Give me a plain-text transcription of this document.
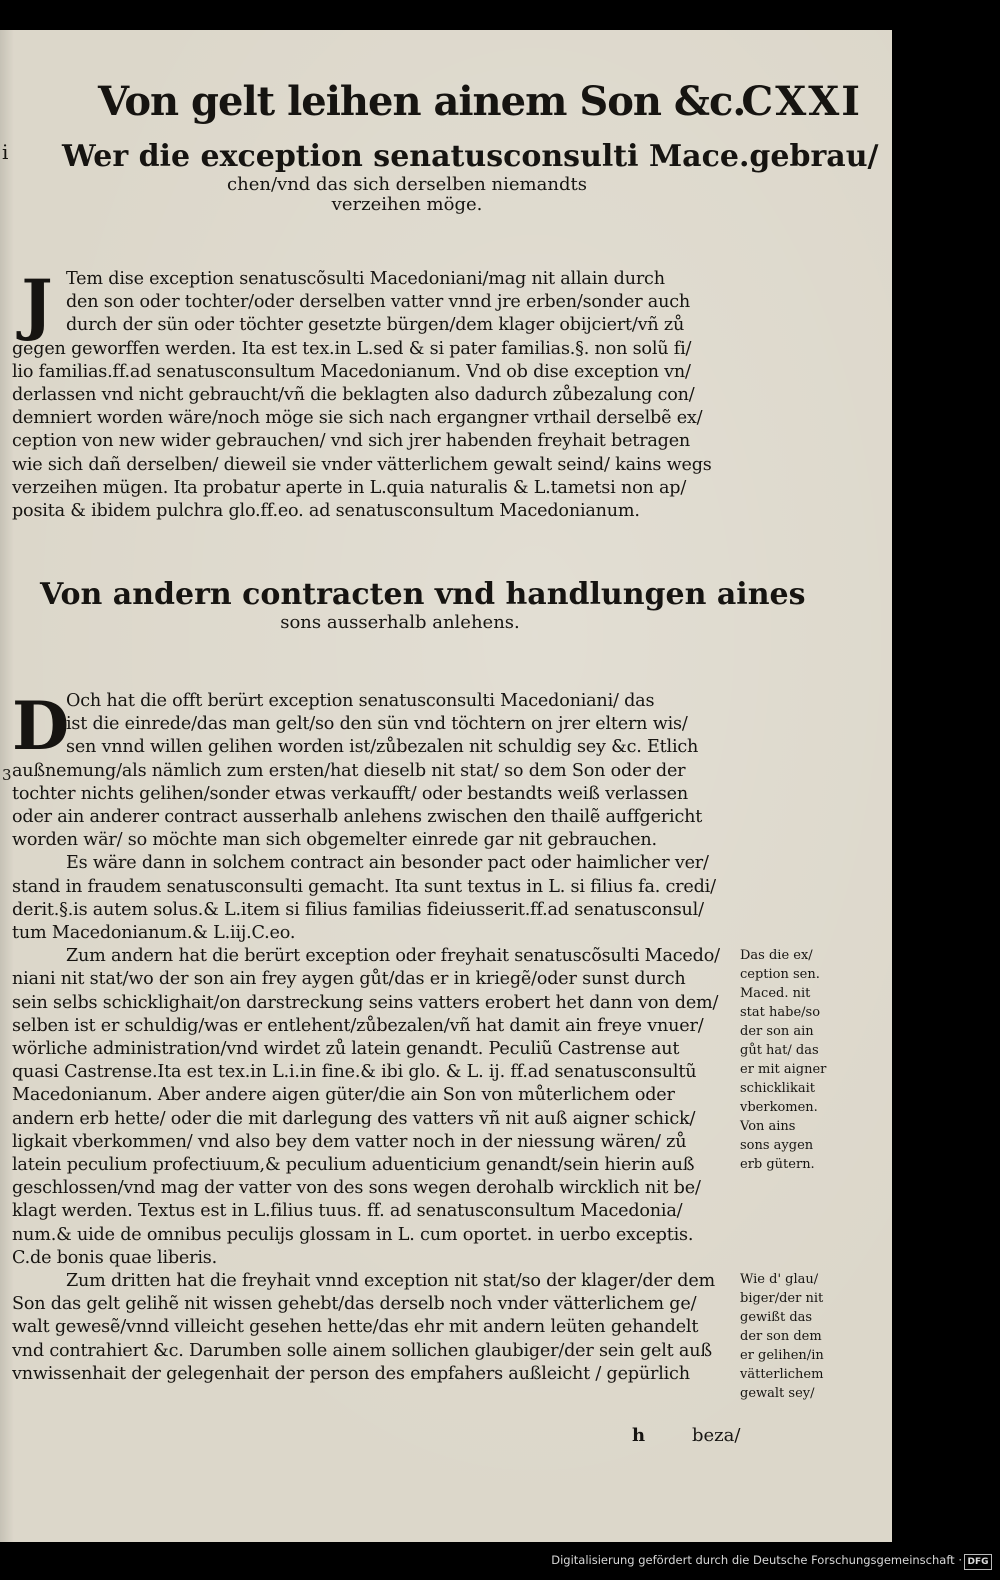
Von gelt leihen ainem Son &c.
CXXI
i Wer die exception senatusconsulti Mace.gebrau/
chen/vnd das sich derselben niemandts
verzeihen möge.
J Tem dise exception senatuscõsulti Macedoniani/mag nit allain durch
den son oder tochter/oder derselben vatter vnnd jre erben/sonder auch
durch der sün oder töchter gesetzte bürgen/dem klager obijciert/vñ zů
gegen geworffen werden. Ita est tex.in L.sed & si pater familias.§. non solũ fi/
lio familias.ff.ad senatusconsultum Macedonianum. Vnd ob dise exception vn/
derlassen vnd nicht gebraucht/vñ die beklagten also dadurch zůbezalung con/
demniert worden wäre/noch möge sie sich nach ergangner vrthail derselbẽ ex/
ception von new wider gebrauchen/ vnd sich jrer habenden freyhait betragen
wie sich dañ derselben/ dieweil sie vnder vätterlichem gewalt seind/ kains wegs
verzeihen mügen. Ita probatur aperte in L.quia naturalis & L.tametsi non ap/
posita & ibidem pulchra glo.ff.eo. ad senatusconsultum Macedonianum.
Von andern contracten vnd handlungen aines
sons ausserhalb anlehens.
3
D
Och hat die offt berürt exception senatusconsulti Macedoniani/ das
ist die einrede/das man gelt/so den sün vnd töchtern on jrer eltern wis/
sen vnnd willen gelihen worden ist/zůbezalen nit schuldig sey &c. Etlich
außnemung/als nämlich zum ersten/hat dieselb nit stat/ so dem Son oder der
tochter nichts gelihen/sonder etwas verkaufft/ oder bestandts weiß verlassen
oder ain anderer contract ausserhalb anlehens zwischen den thailẽ auffgericht
worden wär/ so möchte man sich obgemelter einrede gar nit gebrauchen.
Es wäre dann in solchem contract ain besonder pact oder haimlicher ver/
stand in fraudem senatusconsulti gemacht. Ita sunt textus in L. si filius fa. credi/
derit.§.is autem solus.& L.item si filius familias fideiusserit.ff.ad senatusconsul/
tum Macedonianum.& L.iij.C.eo.
Zum andern hat die berürt exception oder freyhait senatuscõsulti Macedo/
niani nit stat/wo der son ain frey aygen gůt/das er in kriegẽ/oder sunst durch
sein selbs schicklighait/on darstreckung seins vatters erobert het dann von dem/
selben ist er schuldig/was er entlehent/zůbezalen/vñ hat damit ain freye vnuer/
wörliche administration/vnd wirdet zů latein genandt. Peculiũ Castrense aut
quasi Castrense.Ita est tex.in L.i.in fine.& ibi glo. & L. ij. ff.ad senatusconsultũ
Macedonianum. Aber andere aigen güter/die ain Son von můterlichem oder
andern erb hette/ oder die mit darlegung des vatters vñ nit auß aigner schick/
ligkait vberkommen/ vnd also bey dem vatter noch in der niessung wären/ zů
latein peculium profectiuum,& peculium aduenticium genandt/sein hierin auß
geschlossen/vnd mag der vatter von des sons wegen derohalb wircklich nit be/
klagt werden. Textus est in L.filius tuus. ff. ad senatusconsultum Macedonia/
num.& uide de omnibus peculijs glossam in L. cum oportet. in uerbo exceptis.
C.de bonis quae liberis.
Zum dritten hat die freyhait vnnd exception nit stat/so der klager/der dem
Son das gelt gelihẽ nit wissen gehebt/das derselb noch vnder vätterlichem ge/
walt gewesẽ/vnnd villeicht gesehen hette/das ehr mit andern leüten gehandelt
vnd contrahiert &c. Darumben solle ainem sollichen glaubiger/der sein gelt auß
vnwissenhait der gelegenhait der person des empfahers außleicht / gepürlich
Das die ex/
ception sen.
Maced. nit
stat habe/so
der son ain
gůt hat/ das
er mit aigner
schicklikait
vberkomen.
Von ains
sons aygen
erb gütern.
Wie d' glau/
biger/der nit
gewißt das
der son dem
er gelihen/in
vätterlichem
gewalt sey/
h	beza/
Digitalisierung gefördert durch die Deutsche Forschungsgemeinschaft · DFG
